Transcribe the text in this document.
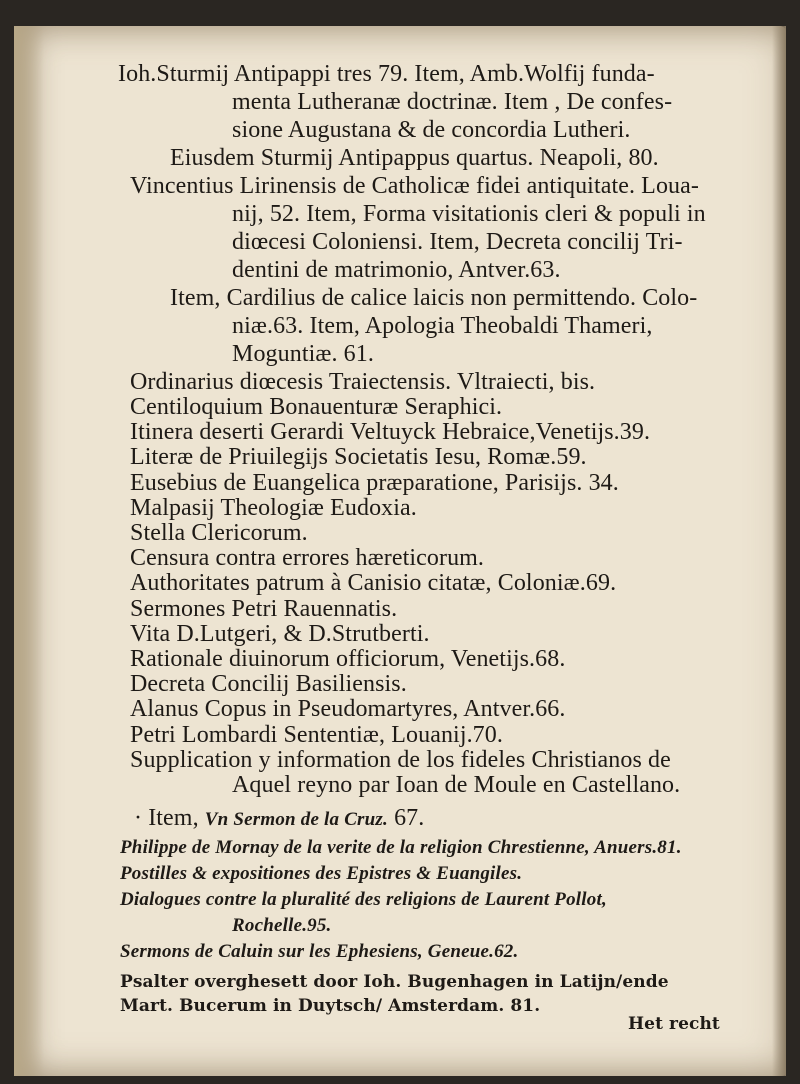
· Item, Vn Sermon de la Cruz. 67.
Het recht
Ioh.Sturmij Antipappi tres 79. Item, Amb.Wolfij funda-
menta Lutheranæ doctrinæ. Item , De confes-
sione Augustana & de concordia Lutheri.
Eiusdem Sturmij Antipappus quartus. Neapoli, 80.
Vincentius Lirinensis de Catholicæ fidei antiquitate. Loua-
nij, 52. Item, Forma visitationis cleri & populi in
diœcesi Coloniensi. Item, Decreta concilij Tri-
dentini de matrimonio, Antver.63.
Item, Cardilius de calice laicis non permittendo. Colo-
niæ.63. Item, Apologia Theobaldi Thameri,
Moguntiæ. 61.
Ordinarius diœcesis Traiectensis. Vltraiecti, bis.
Centiloquium Bonauenturæ Seraphici.
Itinera deserti Gerardi Veltuyck Hebraice,Venetijs.39.
Literæ de Priuilegijs Societatis Iesu, Romæ.59.
Eusebius de Euangelica præparatione, Parisijs. 34.
Malpasij Theologiæ Eudoxia.
Stella Clericorum.
Censura contra errores hæreticorum.
Authoritates patrum à Canisio citatæ, Coloniæ.69.
Sermones Petri Rauennatis.
Vita D.Lutgeri, & D.Strutberti.
Rationale diuinorum officiorum, Venetijs.68.
Decreta Concilij Basiliensis.
Alanus Copus in Pseudomartyres, Antver.66.
Petri Lombardi Sententiæ, Louanij.70.
Supplication y information de los fideles Christianos de
Aquel reyno par Ioan de Moule en Castellano.
Philippe de Mornay de la verite de la religion Chrestienne, Anuers.81.
Postilles & expositiones des Epistres & Euangiles.
Dialogues contre la pluralité des religions de Laurent Pollot,
Rochelle.95.
Sermons de Caluin sur les Ephesiens, Geneue.62.
Psalter overghesett door Ioh. Bugenhagen in Latijn/ende Mart. Bucerum in Duytsch/ Amsterdam. 81.
